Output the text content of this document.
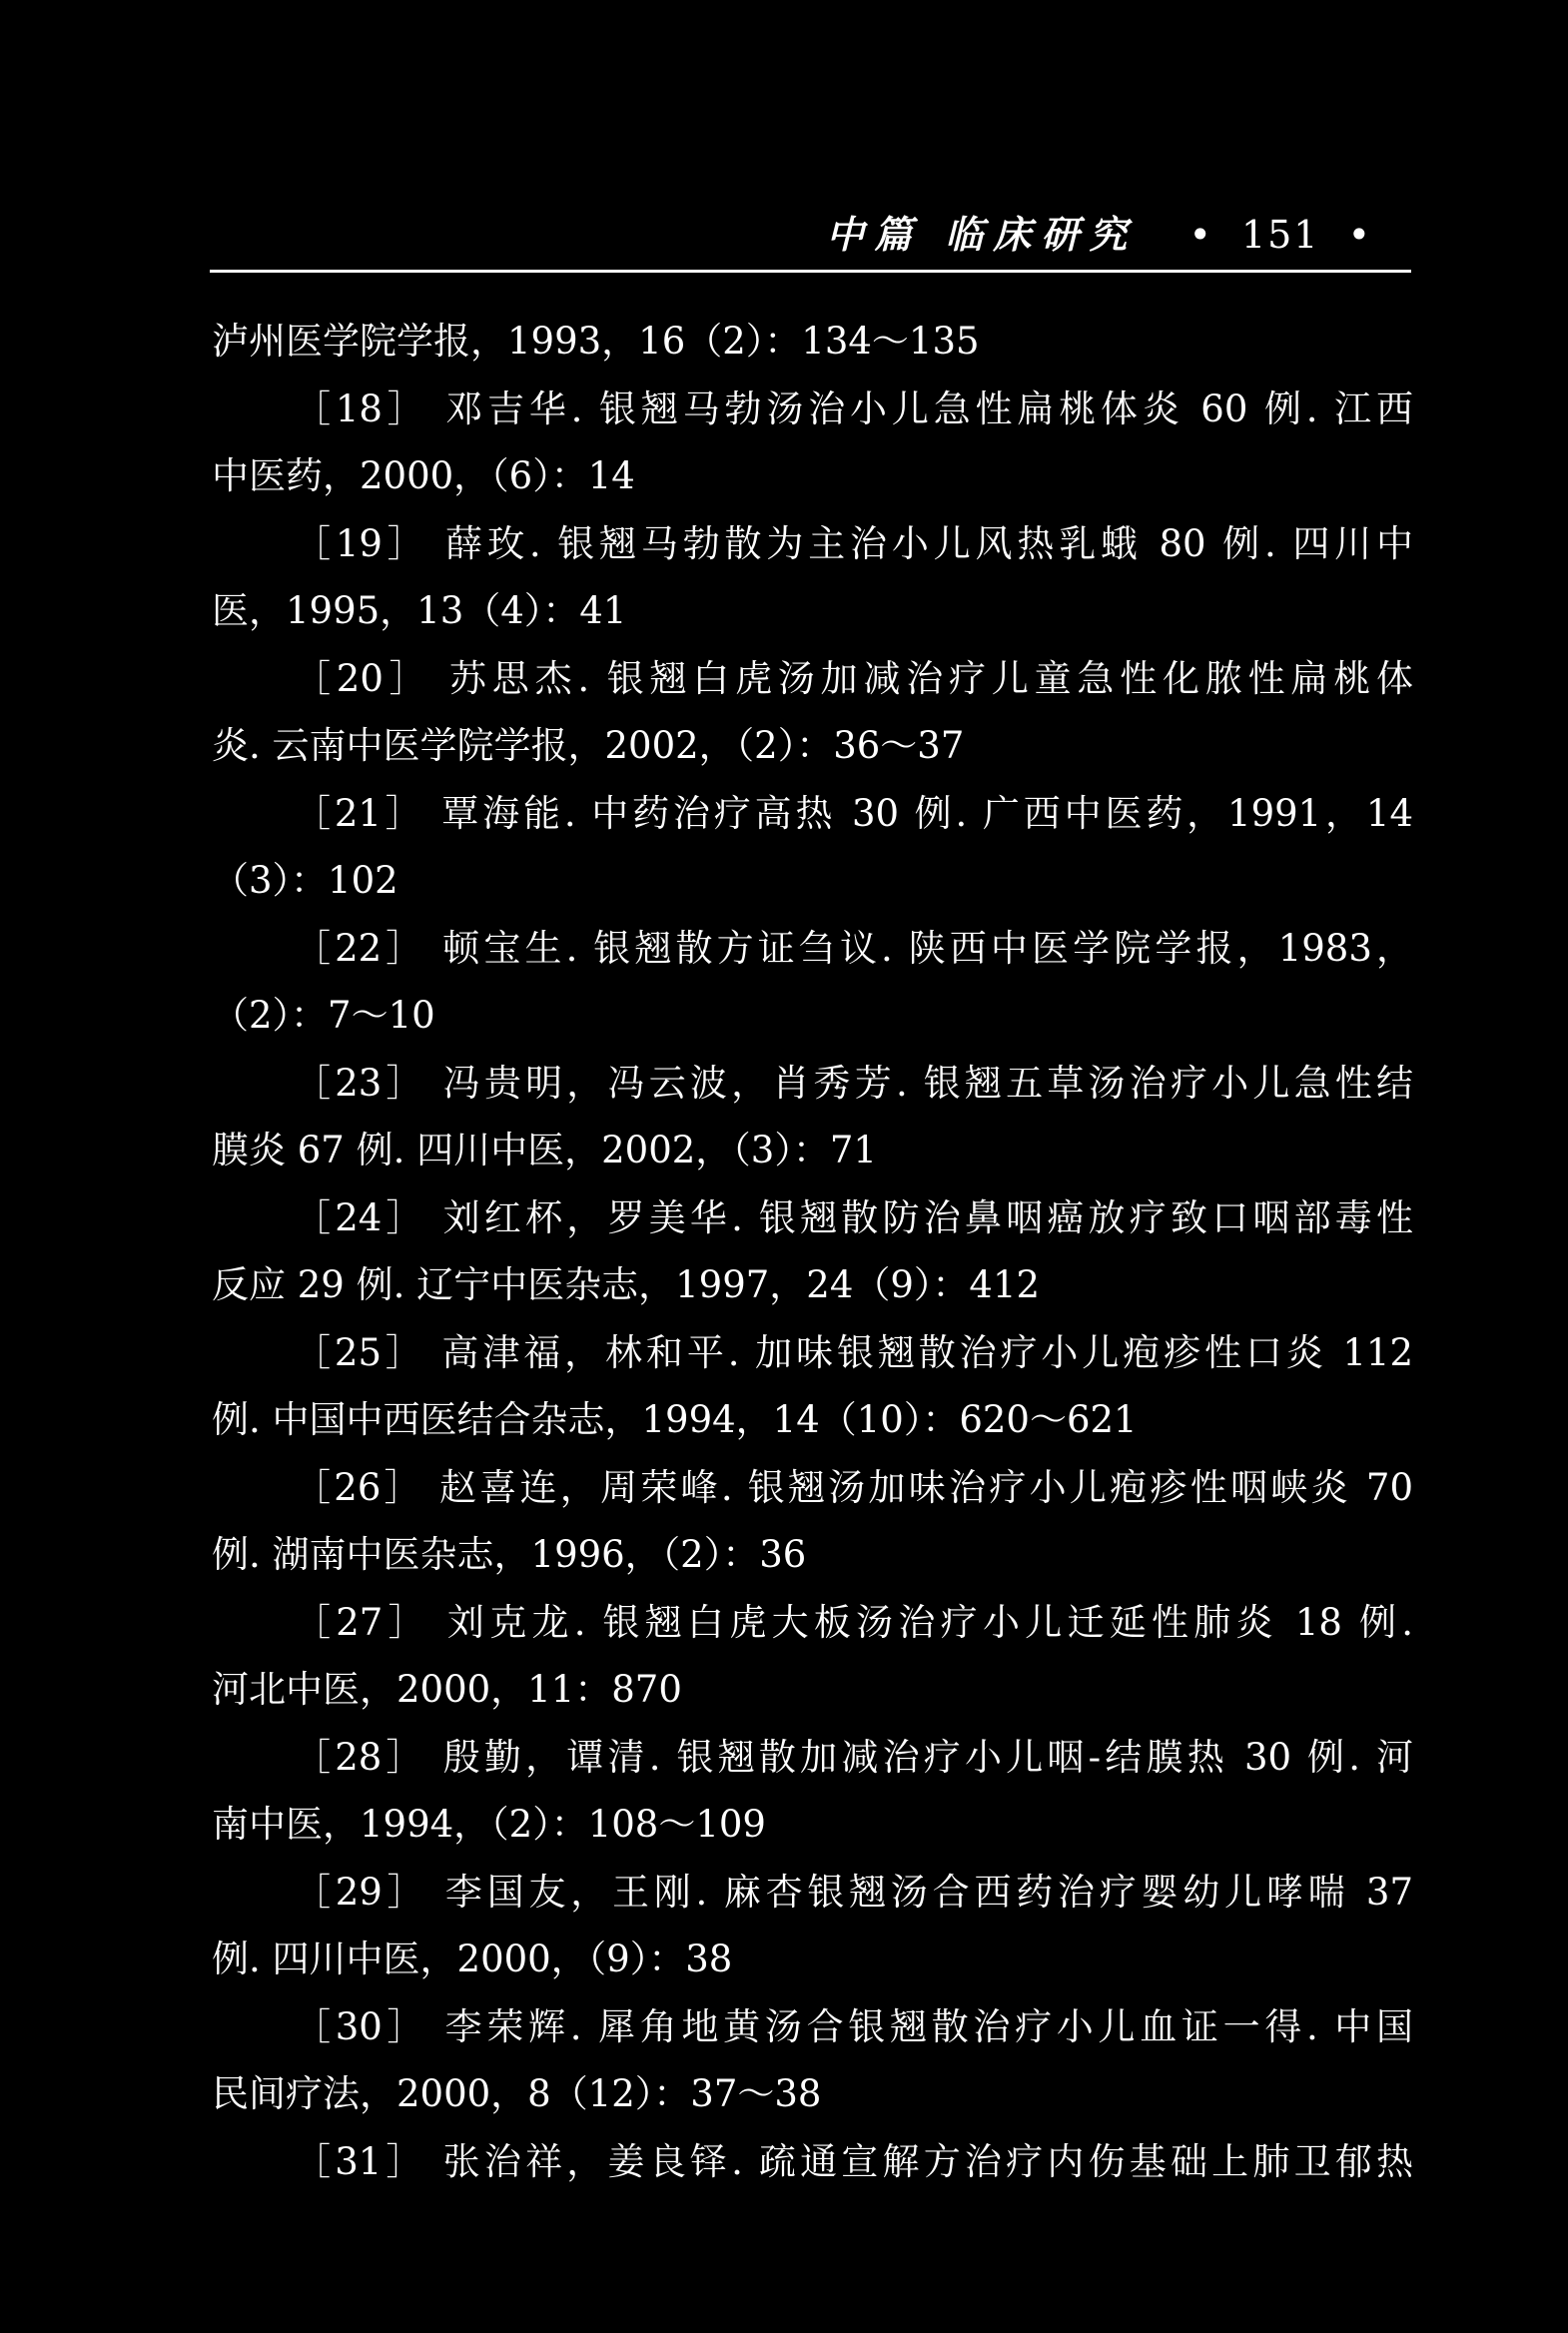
中篇 临床研究 • 151 •
泸州医学院学报，1993，16（2）：134～135
［18］ 邓吉华. 银翘马勃汤治小儿急性扁桃体炎 60 例. 江西
中医药，2000，（6）：14
［19］ 薛玫. 银翘马勃散为主治小儿风热乳蛾 80 例. 四川中
医，1995，13（4）：41
［20］ 苏思杰. 银翘白虎汤加减治疗儿童急性化脓性扁桃体
炎. 云南中医学院学报，2002，（2）：36～37
［21］ 覃海能. 中药治疗高热 30 例. 广西中医药，1991，14
（3）：102
［22］ 顿宝生. 银翘散方证刍议. 陕西中医学院学报，1983，
（2）：7～10
［23］ 冯贵明，冯云波，肖秀芳. 银翘五草汤治疗小儿急性结
膜炎 67 例. 四川中医，2002，（3）：71
［24］ 刘红杯，罗美华. 银翘散防治鼻咽癌放疗致口咽部毒性
反应 29 例. 辽宁中医杂志，1997，24（9）：412
［25］ 高津福，林和平. 加味银翘散治疗小儿疱疹性口炎 112
例. 中国中西医结合杂志，1994，14（10）：620～621
［26］ 赵喜连，周荣峰. 银翘汤加味治疗小儿疱疹性咽峡炎 70
例. 湖南中医杂志，1996，（2）：36
［27］ 刘克龙. 银翘白虎大板汤治疗小儿迁延性肺炎 18 例.
河北中医，2000，11：870
［28］ 殷勤，谭清. 银翘散加减治疗小儿咽-结膜热 30 例. 河
南中医，1994，（2）：108～109
［29］ 李国友，王刚. 麻杏银翘汤合西药治疗婴幼儿哮喘 37
例. 四川中医，2000，（9）：38
［30］ 李荣辉. 犀角地黄汤合银翘散治疗小儿血证一得. 中国
民间疗法，2000，8（12）：37～38
［31］ 张治祥，姜良铎. 疏通宣解方治疗内伤基础上肺卫郁热
